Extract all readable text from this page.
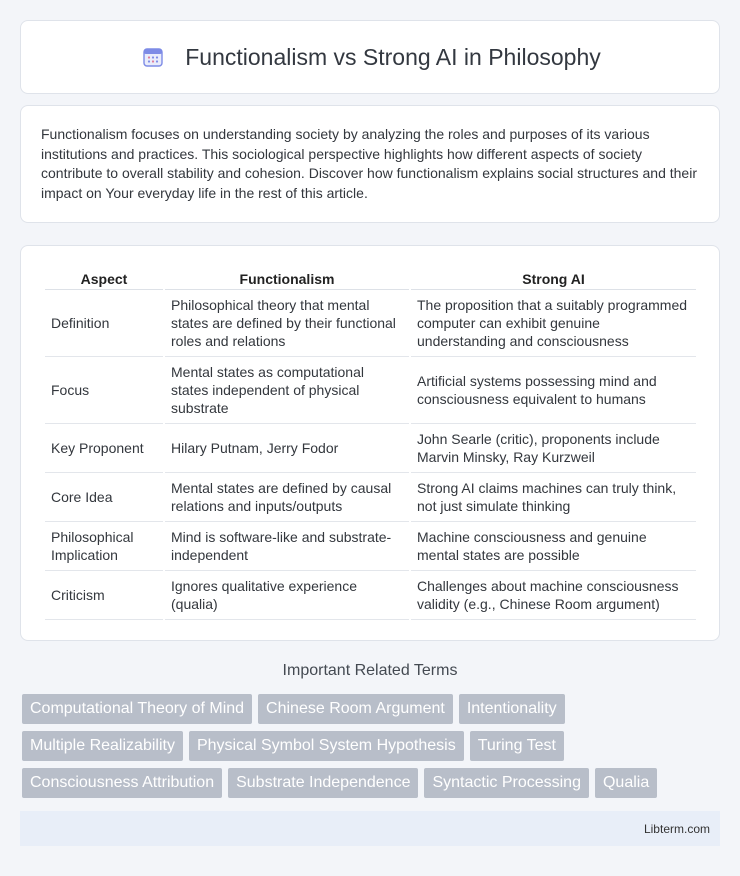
Functionalism vs Strong AI in Philosophy

Functionalism focuses on understanding society by analyzing the roles and purposes of its various institutions and practices. This sociological perspective highlights how different aspects of society contribute to overall stability and cohesion. Discover how functionalism explains social structures and their impact on Your everyday life in the rest of this article.

Aspect	Functionalism	Strong AI
Definition	Philosophical theory that mental states are defined by their functional roles and relations	The proposition that a suitably programmed computer can exhibit genuine understanding and consciousness
Focus	Mental states as computational states independent of physical substrate	Artificial systems possessing mind and consciousness equivalent to humans
Key Proponent	Hilary Putnam, Jerry Fodor	John Searle (critic), proponents include Marvin Minsky, Ray Kurzweil
Core Idea	Mental states are defined by causal relations and inputs/outputs	Strong AI claims machines can truly think, not just simulate thinking
Philosophical Implication	Mind is software-like and substrate-independent	Machine consciousness and genuine mental states are possible
Criticism	Ignores qualitative experience (qualia)	Challenges about machine consciousness validity (e.g., Chinese Room argument)
Important Related Terms
Computational Theory of Mind	Chinese Room Argument	Intentionality
Multiple Realizability	Physical Symbol System Hypothesis	Turing Test
Consciousness Attribution	Substrate Independence	Syntactic Processing	Qualia
Libterm.com
